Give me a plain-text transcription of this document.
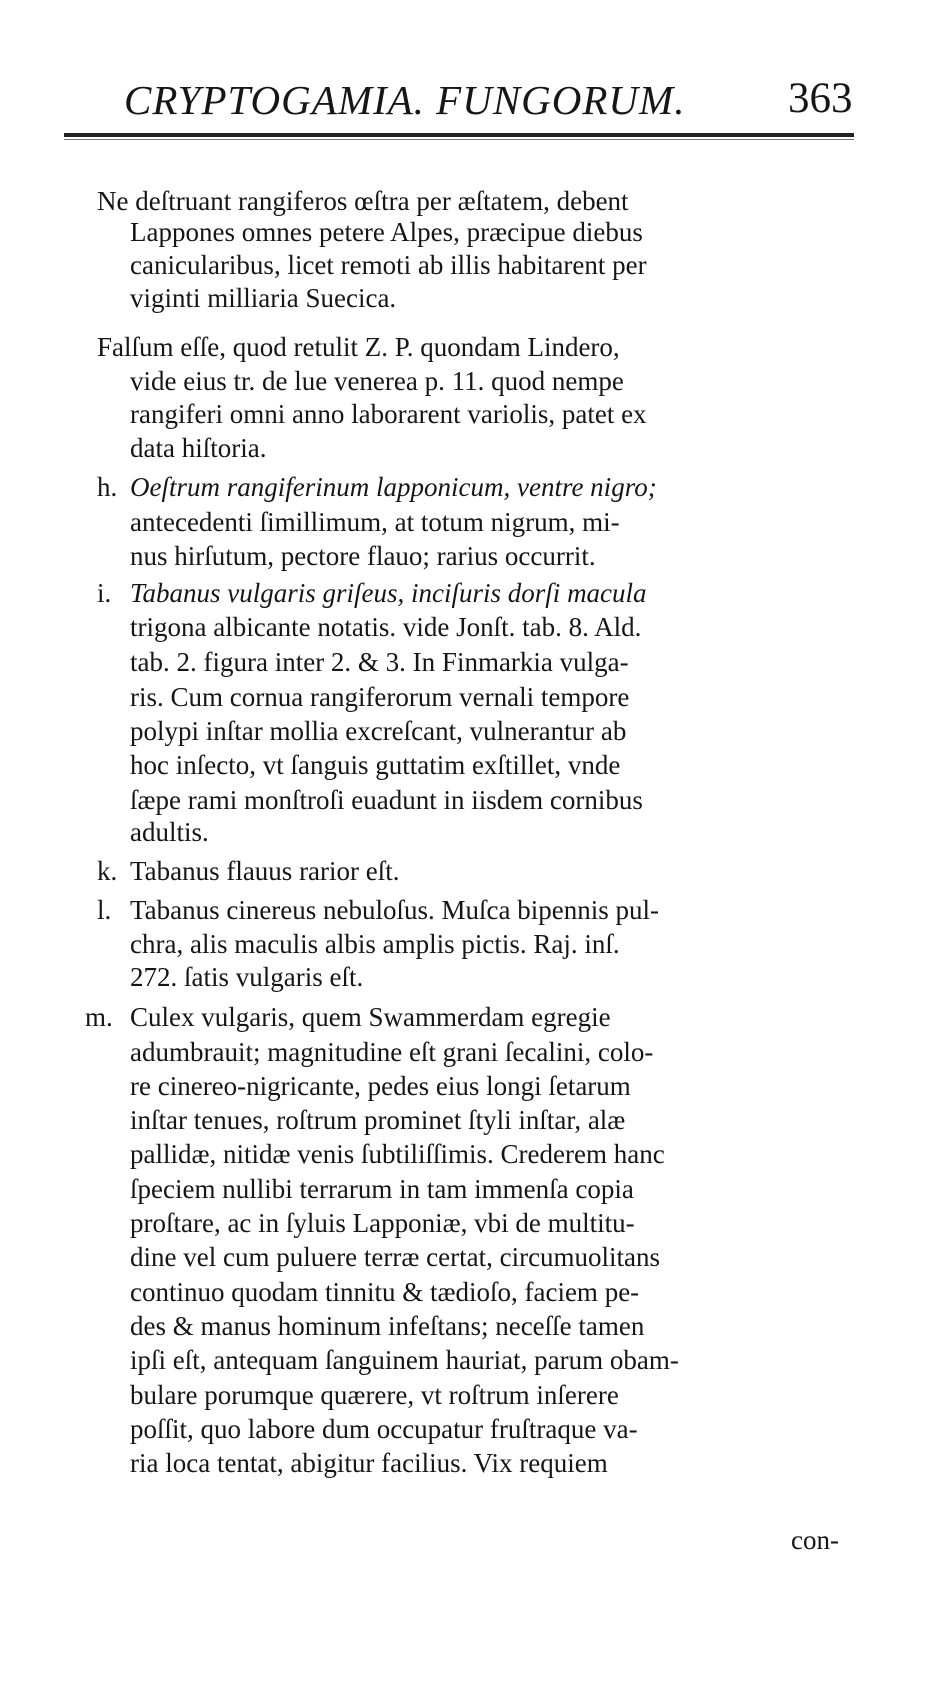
CRYPTOGAMIA. FUNGORUM.	363
Ne deſtruant rangiferos œſtra per æſtatem, debent
Lappones omnes petere Alpes, præcipue diebus
canicularibus, licet remoti ab illis habitarent per
viginti milliaria Suecica.
Falſum eſſe, quod retulit Z. P. quondam Lindero,
vide eius tr. de lue venerea p. 11. quod nempe
rangiferi omni anno laborarent variolis, patet ex
data hiſtoria.
h. Oeſtrum rangiferinum lapponicum, ventre nigro;
antecedenti ſimillimum, at totum nigrum, mi-
nus hirſutum, pectore flauo; rarius occurrit.
i. Tabanus vulgaris griſeus, inciſuris dorſi macula
trigona albicante notatis. vide Jonſt. tab. 8. Ald.
tab. 2. figura inter 2. & 3. In Finmarkia vulga-
ris. Cum cornua rangiferorum vernali tempore
polypi inſtar mollia excreſcant, vulnerantur ab
hoc inſecto, vt ſanguis guttatim exſtillet, vnde
ſæpe rami monſtroſi euadunt in iisdem cornibus
adultis.
k. Tabanus flauus rarior eſt.
l. Tabanus cinereus nebuloſus. Muſca bipennis pul-
chra, alis maculis albis amplis pictis. Raj. inſ.
272. ſatis vulgaris eſt.
m. Culex vulgaris, quem Swammerdam egregie
adumbrauit; magnitudine eſt grani ſecalini, colo-
re cinereo-nigricante, pedes eius longi ſetarum
inſtar tenues, roſtrum prominet ſtyli inſtar, alæ
pallidæ, nitidæ venis ſubtiliſſimis. Crederem hanc
ſpeciem nullibi terrarum in tam immenſa copia
proſtare, ac in ſyluis Lapponiæ, vbi de multitu-
dine vel cum puluere terræ certat, circumuolitans
continuo quodam tinnitu & tædioſo, faciem pe-
des & manus hominum infeſtans; neceſſe tamen
ipſi eſt, antequam ſanguinem hauriat, parum obam-
bulare porumque quærere, vt roſtrum inſerere
poſſit, quo labore dum occupatur fruſtraque va-
ria loca tentat, abigitur facilius. Vix requiem
con-
